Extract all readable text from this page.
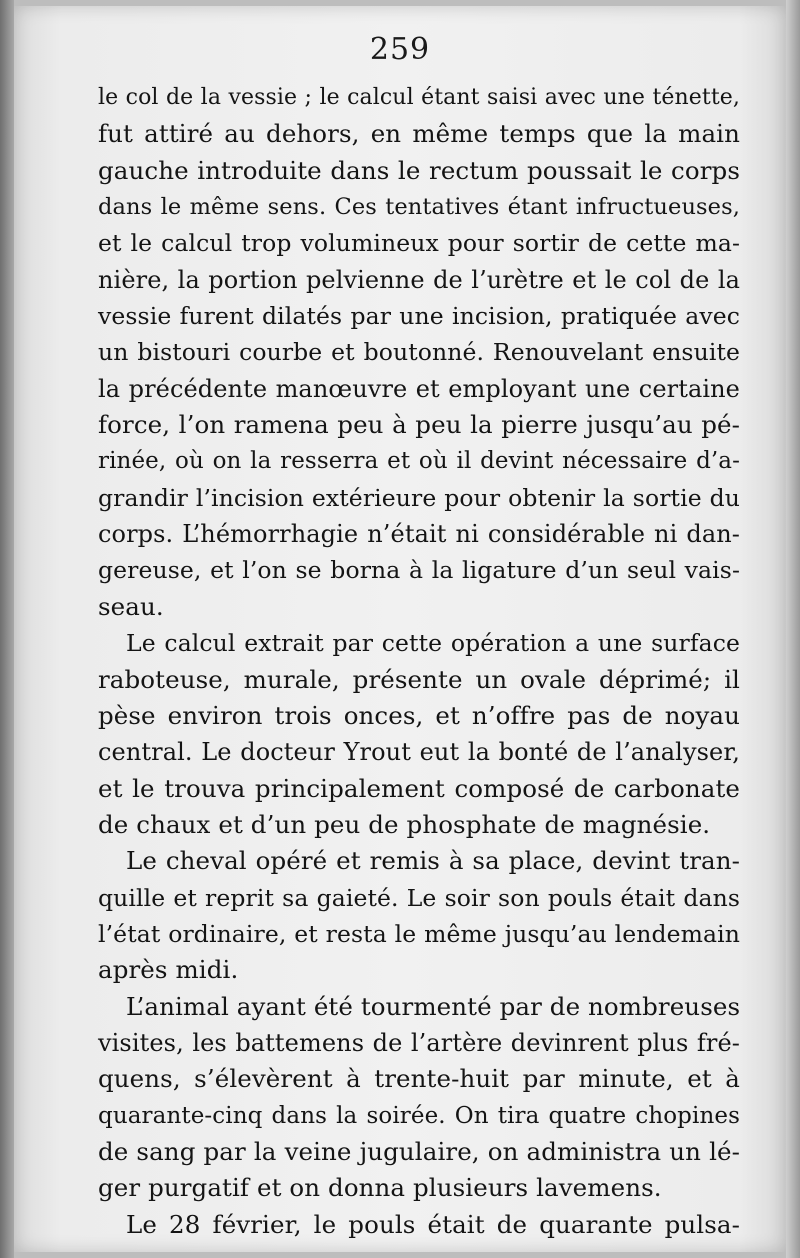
259
le col de la vessie ; le calcul étant saisi avec une ténette,
fut attiré au dehors, en même temps que la main
gauche introduite dans le rectum poussait le corps
dans le même sens. Ces tentatives étant infructueuses,
et le calcul trop volumineux pour sortir de cette ma-
nière, la portion pelvienne de l’urètre et le col de la
vessie furent dilatés par une incision, pratiquée avec
un bistouri courbe et boutonné. Renouvelant ensuite
la précédente manœuvre et employant une certaine
force, l’on ramena peu à peu la pierre jusqu’au pé-
rinée, où on la resserra et où il devint nécessaire d’a-
grandir l’incision extérieure pour obtenir la sortie du
corps. L’hémorrhagie n’était ni considérable ni dan-
gereuse, et l’on se borna à la ligature d’un seul vais-
seau.
Le calcul extrait par cette opération a une surface
raboteuse, murale, présente un ovale déprimé; il
pèse environ trois onces, et n’offre pas de noyau
central. Le docteur Yrout eut la bonté de l’analyser,
et le trouva principalement composé de carbonate
de chaux et d’un peu de phosphate de magnésie.
Le cheval opéré et remis à sa place, devint tran-
quille et reprit sa gaieté. Le soir son pouls était dans
l’état ordinaire, et resta le même jusqu’au lendemain
après midi.
L’animal ayant été tourmenté par de nombreuses
visites, les battemens de l’artère devinrent plus fré-
quens, s’élevèrent à trente-huit par minute, et à
quarante-cinq dans la soirée. On tira quatre chopines
de sang par la veine jugulaire, on administra un lé-
ger purgatif et on donna plusieurs lavemens.
Le 28 février, le pouls était de quarante pulsa-
